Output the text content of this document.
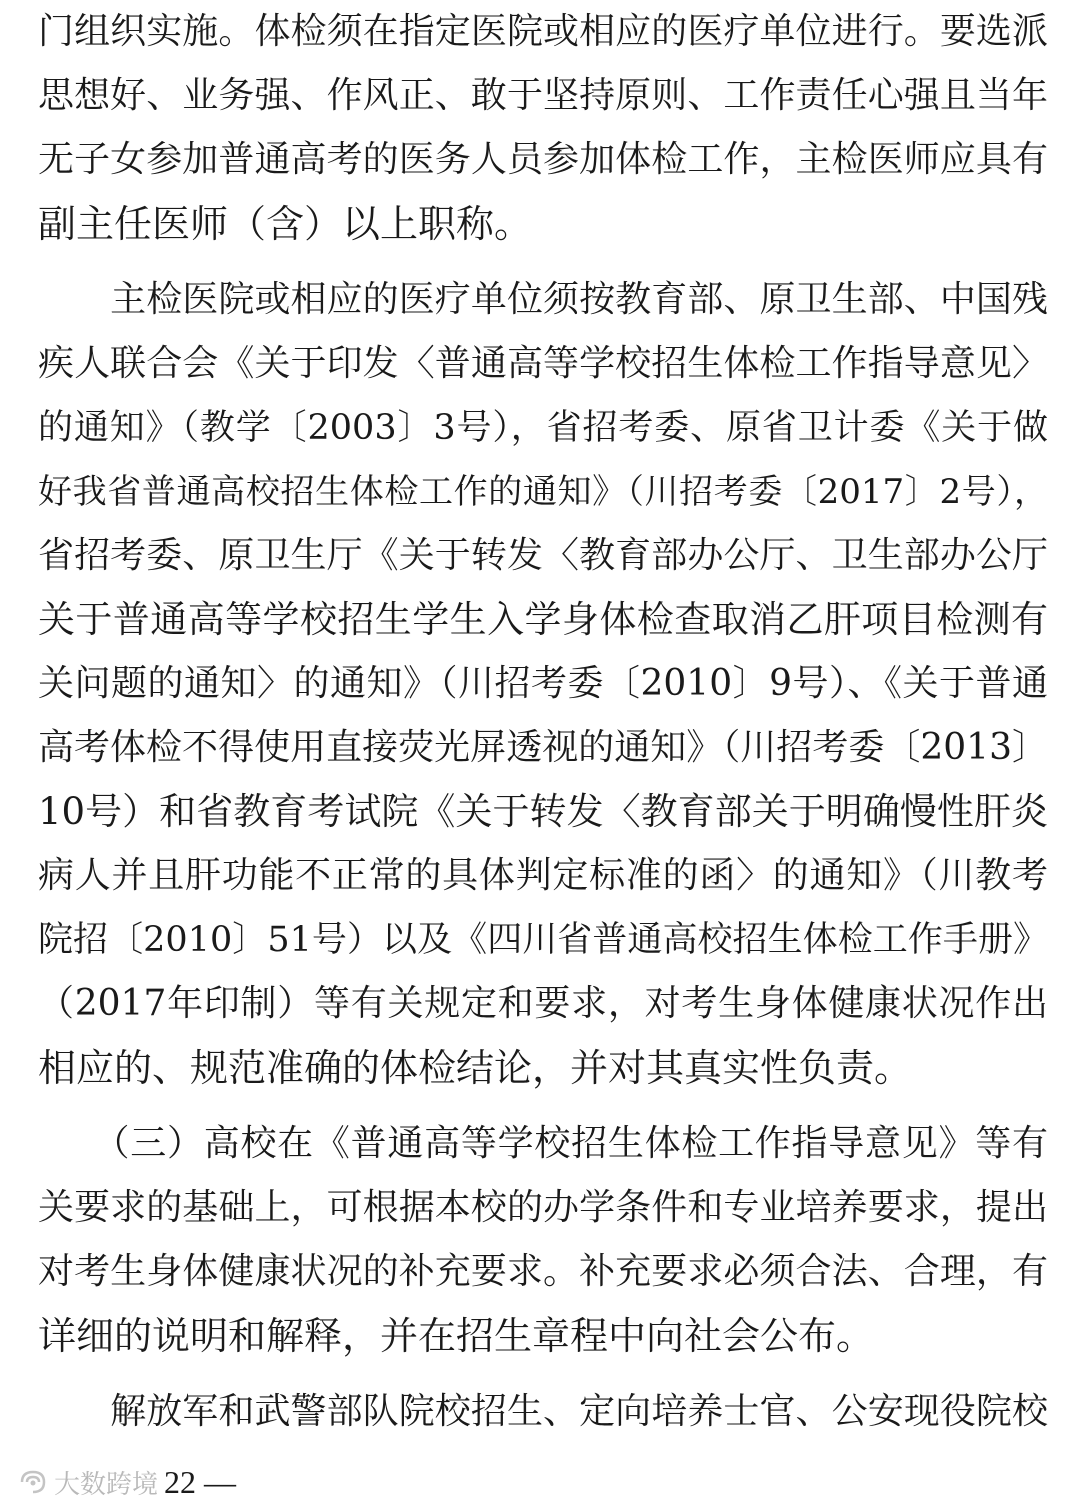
门组织实施。体检须在指定医院或相应的医疗单位进行。要选派
思想好、业务强、作风正、敢于坚持原则、工作责任心强且当年
无子女参加普通高考的医务人员参加体检工作，主检医师应具有
副主任医师（含）以上职称。
　　主检医院或相应的医疗单位须按教育部、原卫生部、中国残
疾人联合会《关于印发〈普通高等学校招生体检工作指导意见〉
的通知》（教学〔2003〕3号），省招考委、原省卫计委《关于做
好我省普通高校招生体检工作的通知》（川招考委〔2017〕2号），
省招考委、原卫生厅《关于转发〈教育部办公厅、卫生部办公厅
关于普通高等学校招生学生入学身体检查取消乙肝项目检测有
关问题的通知〉的通知》（川招考委〔2010〕9号）、《关于普通
高考体检不得使用直接荧光屏透视的通知》（川招考委〔2013〕
10号）和省教育考试院《关于转发〈教育部关于明确慢性肝炎
病人并且肝功能不正常的具体判定标准的函〉的通知》（川教考
院招〔2010〕51号）以及《四川省普通高校招生体检工作手册》
（2017年印制）等有关规定和要求，对考生身体健康状况作出
相应的、规范准确的体检结论，并对其真实性负责。
　　（三）高校在《普通高等学校招生体检工作指导意见》等有
关要求的基础上，可根据本校的办学条件和专业培养要求，提出
对考生身体健康状况的补充要求。补充要求必须合法、合理，有
详细的说明和解释，并在招生章程中向社会公布。
　　解放军和武警部队院校招生、定向培养士官、公安现役院校
大数跨境 22 —
